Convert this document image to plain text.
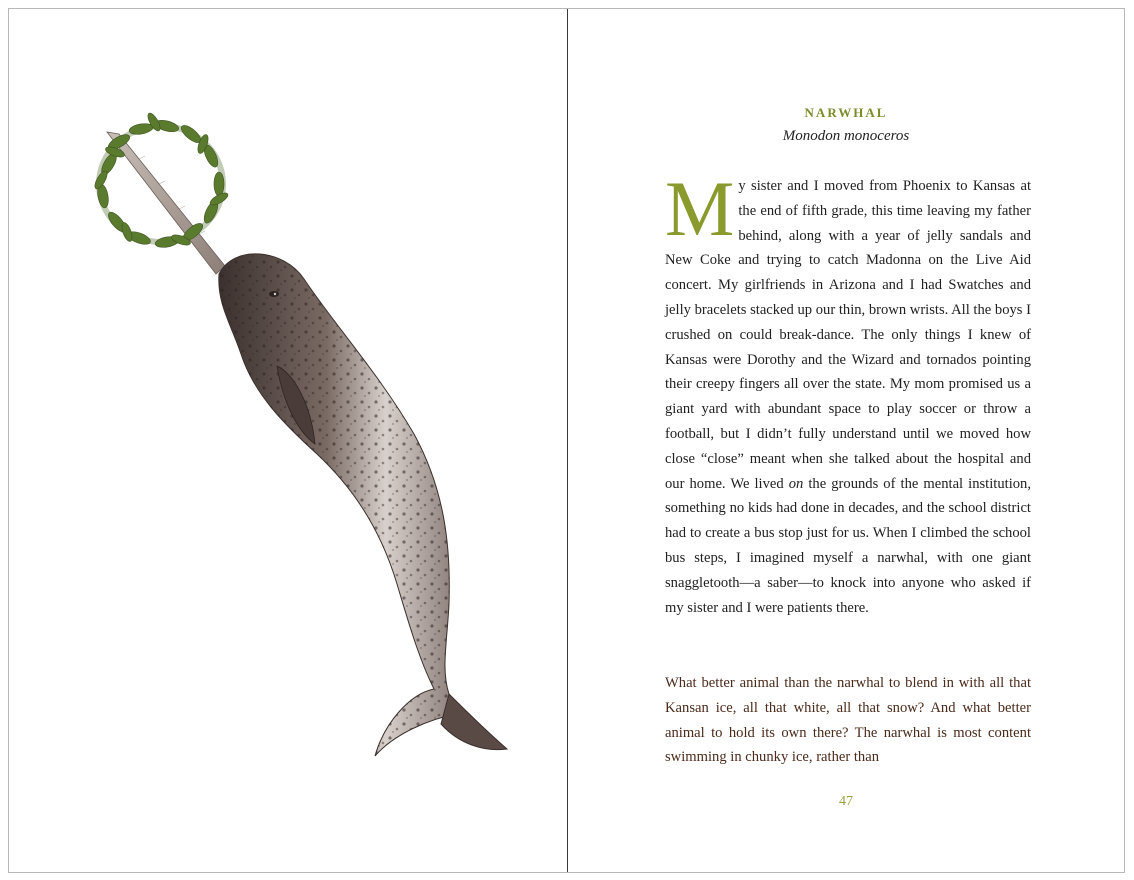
NARWHAL
Monodon monoceros
My sister and I moved from Phoenix to Kansas at the end of fifth grade, this time leaving my father behind, along with a year of jelly sandals and New Coke and trying to catch Madonna on the Live Aid concert. My girlfriends in Arizona and I had Swatches and jelly bracelets stacked up our thin, brown wrists. All the boys I crushed on could break-dance. The only things I knew of Kansas were Dorothy and the Wizard and tornados pointing their creepy fingers all over the state. My mom promised us a giant yard with abundant space to play soccer or throw a football, but I didn’t fully understand until we moved how close “close” meant when she talked about the hospital and our home. We lived on the grounds of the mental institution, something no kids had done in decades, and the school district had to create a bus stop just for us. When I climbed the school bus steps, I imagined myself a narwhal, with one giant snaggletooth—a saber—to knock into anyone who asked if my sister and I were patients there.
What better animal than the narwhal to blend in with all that Kansan ice, all that white, all that snow? And what better animal to hold its own there? The narwhal is most content swimming in chunky ice, rather than
47
